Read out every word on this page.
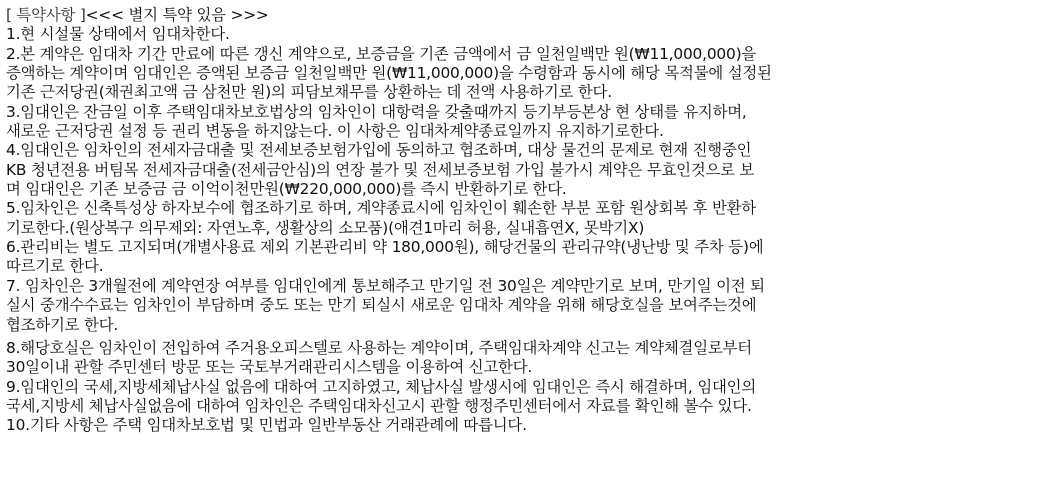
[ 특약사항 ]<<< 별지 특약 있음 >>>
1.현 시설물 상태에서 임대차한다.
2.본 계약은 임대차 기간 만료에 따른 갱신 계약으로, 보증금을 기존 금액에서 금 일천일백만 원(₩11,000,000)을
증액하는 계약이며 임대인은 증액된 보증금 일천일백만 원(₩11,000,000)을 수령함과 동시에 해당 목적물에 설정된
기존 근저당권(채권최고액 금 삼천만 원)의 피담보채무를 상환하는 데 전액 사용하기로 한다.
3.임대인은 잔금일 이후 주택임대차보호법상의 임차인이 대항력을 갖출때까지 등기부등본상 현 상태를 유지하며,
새로운 근저당권 설정 등 권리 변동을 하지않는다. 이 사항은 임대차계약종료일까지 유지하기로한다.
4.임대인은 임차인의 전세자금대출 및 전세보증보험가입에 동의하고 협조하며, 대상 물건의 문제로 현재 진행중인
KB 청년전용 버팀목 전세자금대출(전세금안심)의 연장 불가 및 전세보증보험 가입 불가시 계약은 무효인것으로 보
며 임대인은 기존 보증금 금 이억이천만원(₩220,000,000)를 즉시 반환하기로 한다.
5.임차인은 신축특성상 하자보수에 협조하기로 하며, 계약종료시에 임차인이 훼손한 부분 포함 원상회복 후 반환하
기로한다.(원상복구 의무제외: 자연노후, 생활상의 소모품)(애견1마리 허용, 실내흡연X, 못박기X)
6.관리비는 별도 고지되며(개별사용료 제외 기본관리비 약 180,000원), 해당건물의 관리규약(냉난방 및 주차 등)에
따르기로 한다.
7. 임차인은 3개월전에 계약연장 여부를 임대인에게 통보해주고 만기일 전 30일은 계약만기로 보며, 만기일 이전 퇴
실시 중개수수료는 임차인이 부담하며 중도 또는 만기 퇴실시 새로운 임대차 계약을 위해 해당호실을 보여주는것에
협조하기로 한다.
8.해당호실은 임차인이 전입하여 주거용오피스텔로 사용하는 계약이며, 주택임대차계약 신고는 계약체결일로부터
30일이내 관할 주민센터 방문 또는 국토부거래관리시스템을 이용하여 신고한다.
9.임대인의 국세,지방세체납사실 없음에 대하여 고지하였고, 체납사실 발생시에 임대인은 즉시 해결하며, 임대인의
국세,지방세 체납사실없음에 대하여 임차인은 주택임대차신고시 관할 행정주민센터에서 자료를 확인해 볼수 있다.
10.기타 사항은 주택 임대차보호법 및 민법과 일반부동산 거래관례에 따릅니다.
